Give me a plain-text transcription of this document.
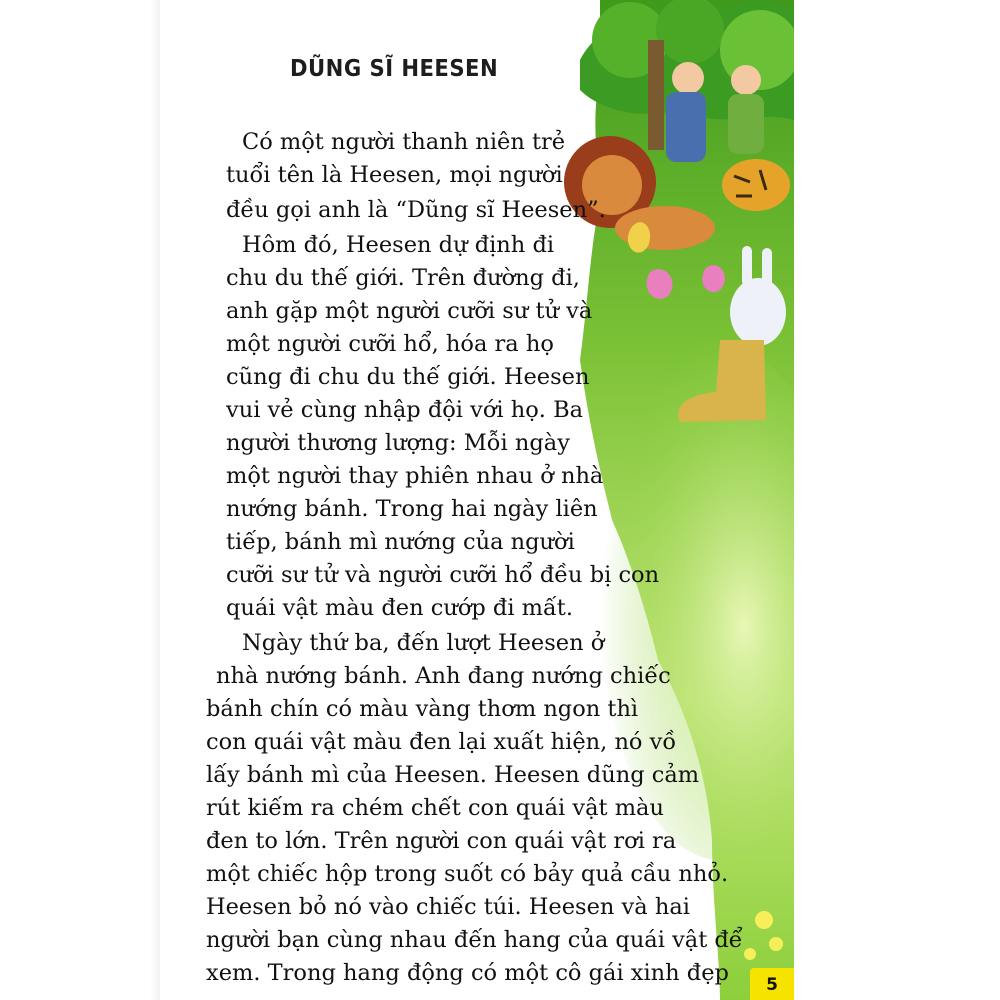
DŨNG SĨ HEESEN
Có một người thanh niên trẻ
tuổi tên là Heesen, mọi người
đều gọi anh là “Dũng sĩ Heesen”.
Hôm đó, Heesen dự định đi
chu du thế giới. Trên đường đi,
anh gặp một người cưỡi sư tử và
một người cưỡi hổ, hóa ra họ
cũng đi chu du thế giới. Heesen
vui vẻ cùng nhập đội với họ. Ba
người thương lượng: Mỗi ngày
một người thay phiên nhau ở nhà
nướng bánh. Trong hai ngày liên
tiếp, bánh mì nướng của người
cưỡi sư tử và người cưỡi hổ đều bị con
quái vật màu đen cướp đi mất.
Ngày thứ ba, đến lượt Heesen ở
nhà nướng bánh. Anh đang nướng chiếc
bánh chín có màu vàng thơm ngon thì
con quái vật màu đen lại xuất hiện, nó vồ
lấy bánh mì của Heesen. Heesen dũng cảm
rút kiếm ra chém chết con quái vật màu
đen to lớn. Trên người con quái vật rơi ra
một chiếc hộp trong suốt có bảy quả cầu nhỏ.
Heesen bỏ nó vào chiếc túi. Heesen và hai
người bạn cùng nhau đến hang của quái vật để
xem. Trong hang động có một cô gái xinh đẹp	5
